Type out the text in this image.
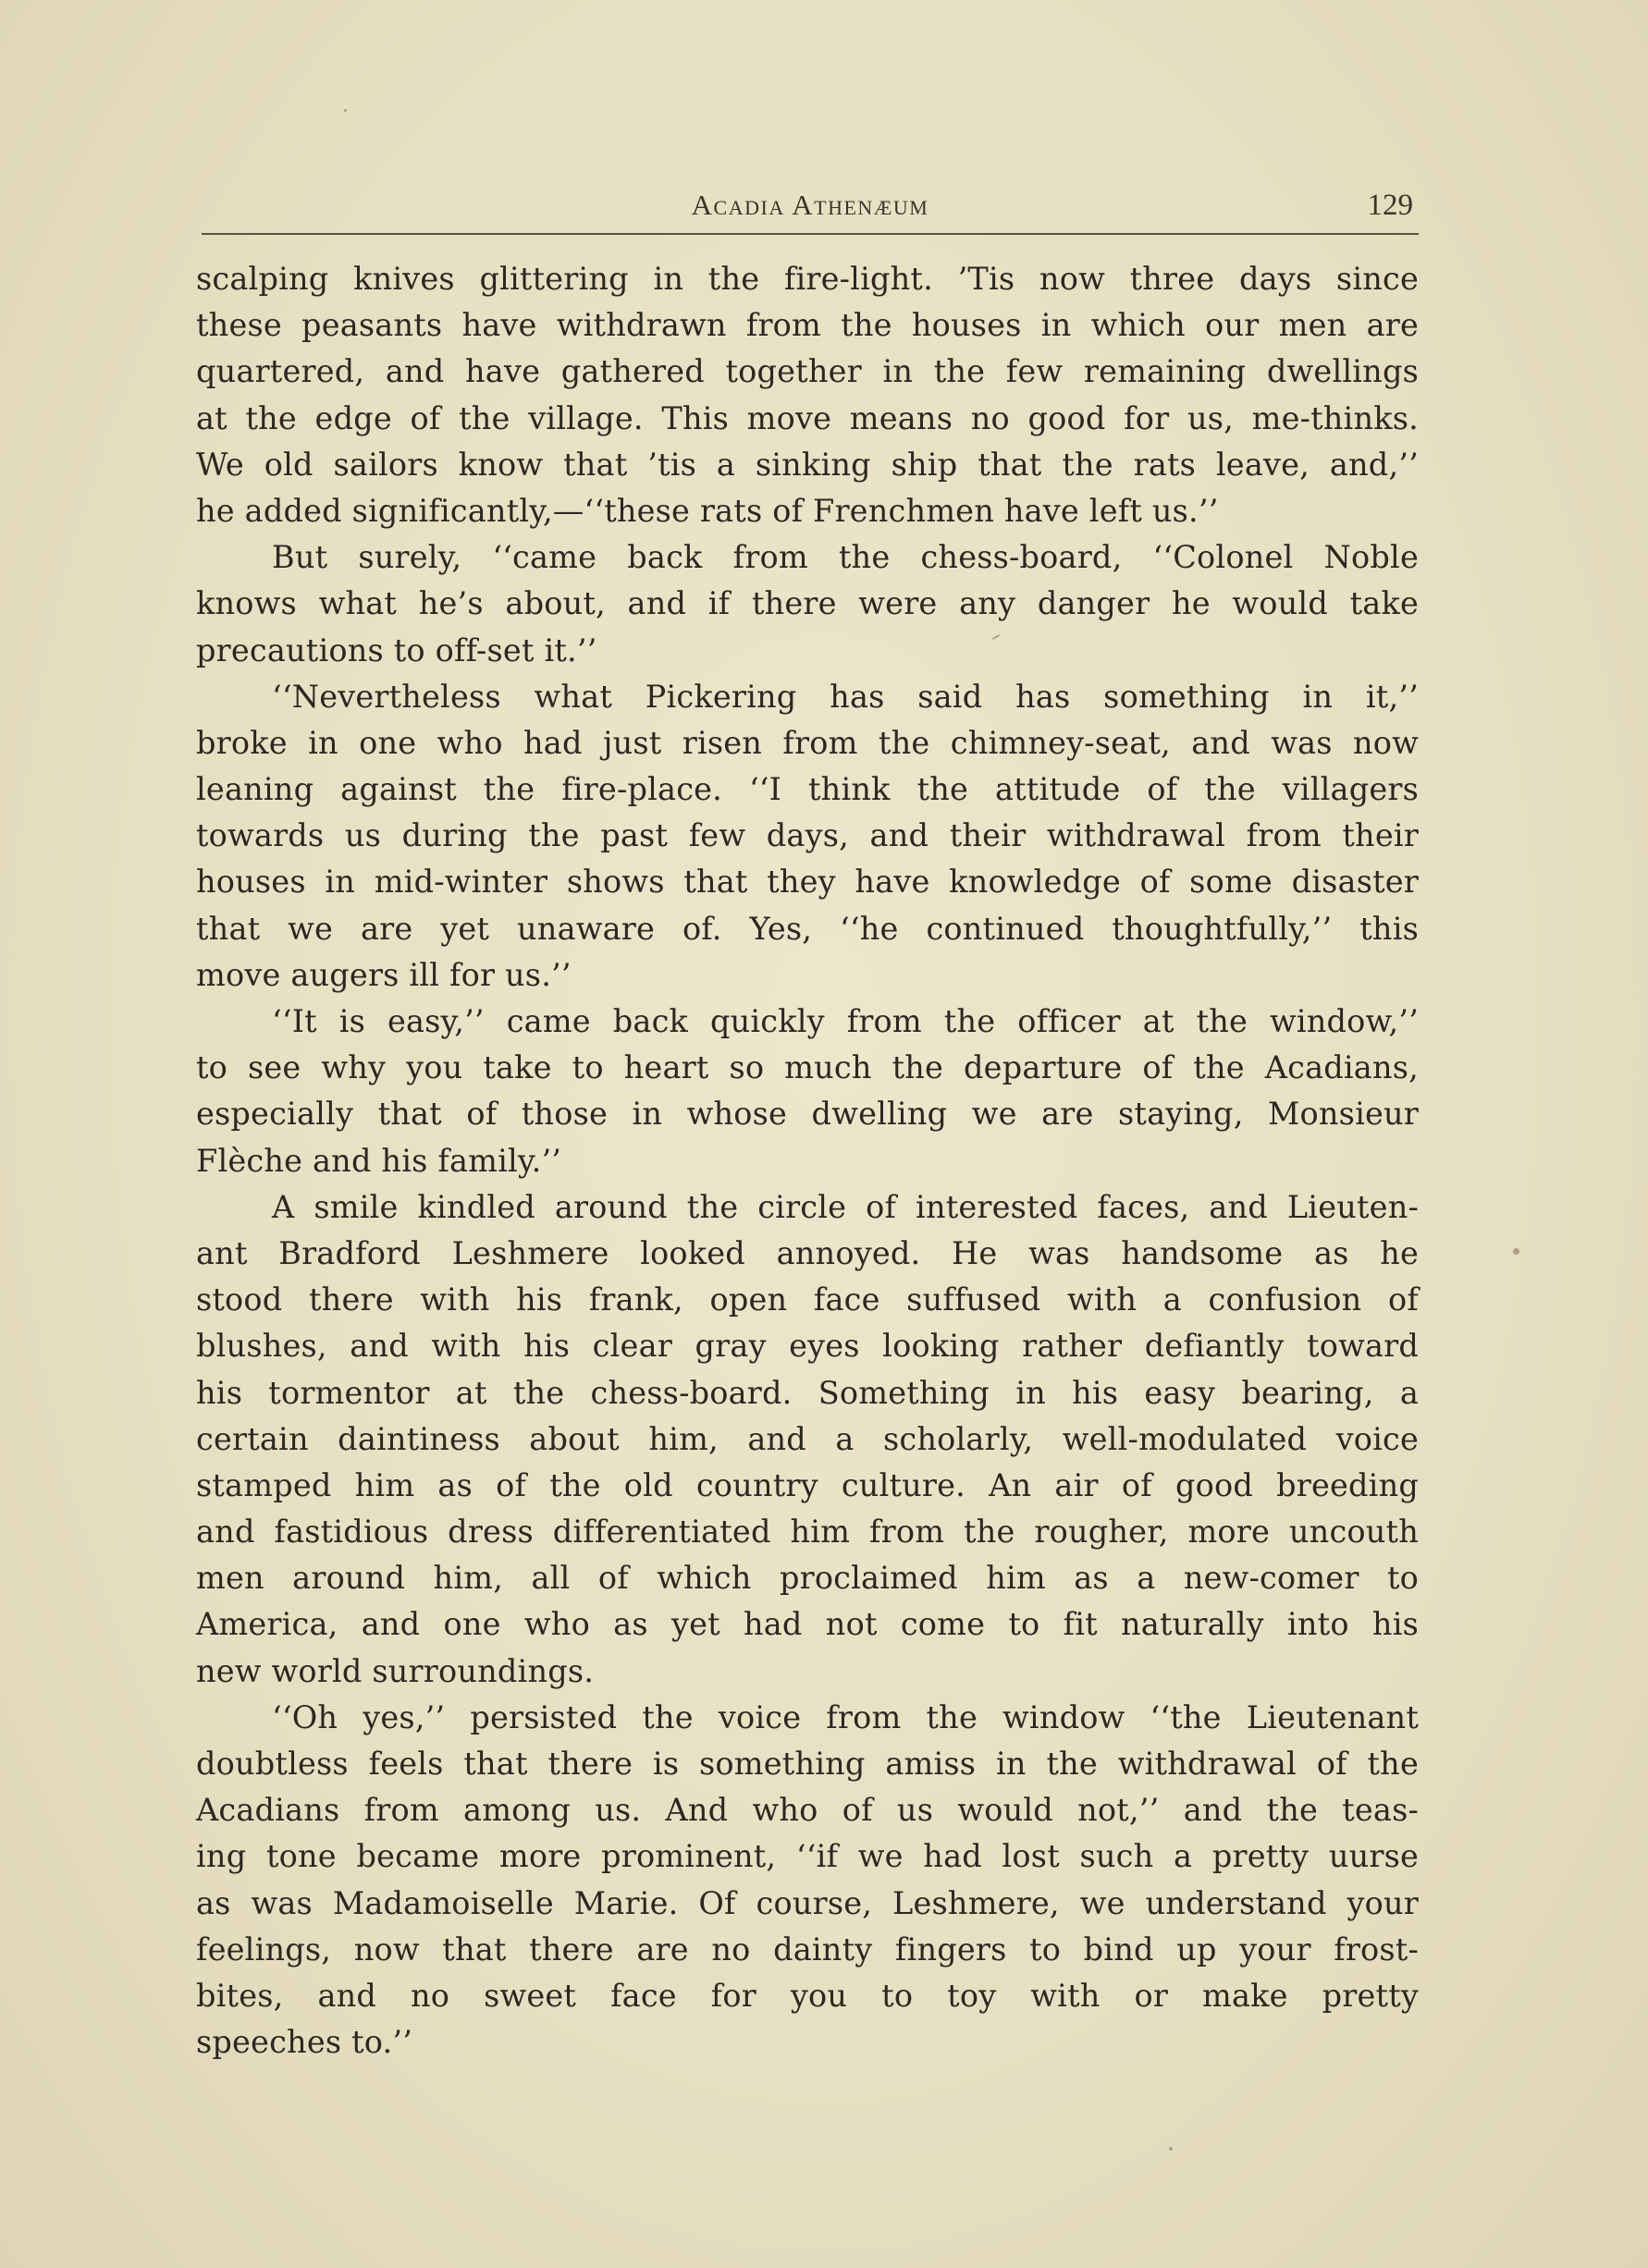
Acadia Athenæum	129
scalping knives glittering in the fire-light. ’Tis now three days since
these peasants have withdrawn from the houses in which our men are
quartered, and have gathered together in the few remaining dwellings
at the edge of the village. This move means no good for us, me-thinks.
We old sailors know that ’tis a sinking ship that the rats leave, and,’’
he added significantly,—‘‘these rats of Frenchmen have left us.’’
But surely, ‘‘came back from the chess-board, ‘‘Colonel Noble
knows what he’s about, and if there were any danger he would take
precautions to off-set it.’’
‘‘Nevertheless what Pickering has said has something in it,’’
broke in one who had just risen from the chimney-seat, and was now
leaning against the fire-place. ‘‘I think the attitude of the villagers
towards us during the past few days, and their withdrawal from their
houses in mid-winter shows that they have knowledge of some disaster
that we are yet unaware of. Yes, ‘‘he continued thoughtfully,’’ this
move augers ill for us.’’
‘‘It is easy,’’ came back quickly from the officer at the window,’’
to see why you take to heart so much the departure of the Acadians,
especially that of those in whose dwelling we are staying, Monsieur
Flèche and his family.’’
A smile kindled around the circle of interested faces, and Lieuten-
ant Bradford Leshmere looked annoyed. He was handsome as he
stood there with his frank, open face suffused with a confusion of
blushes, and with his clear gray eyes looking rather defiantly toward
his tormentor at the chess-board. Something in his easy bearing, a
certain daintiness about him, and a scholarly, well-modulated voice
stamped him as of the old country culture. An air of good breeding
and fastidious dress differentiated him from the rougher, more uncouth
men around him, all of which proclaimed him as a new-comer to
America, and one who as yet had not come to fit naturally into his
new world surroundings.
‘‘Oh yes,’’ persisted the voice from the window ‘‘the Lieutenant
doubtless feels that there is something amiss in the withdrawal of the
Acadians from among us. And who of us would not,’’ and the teas-
ing tone became more prominent, ‘‘if we had lost such a pretty uurse
as was Madamoiselle Marie. Of course, Leshmere, we understand your
feelings, now that there are no dainty fingers to bind up your frost-
bites, and no sweet face for you to toy with or make pretty
speeches to.’’
